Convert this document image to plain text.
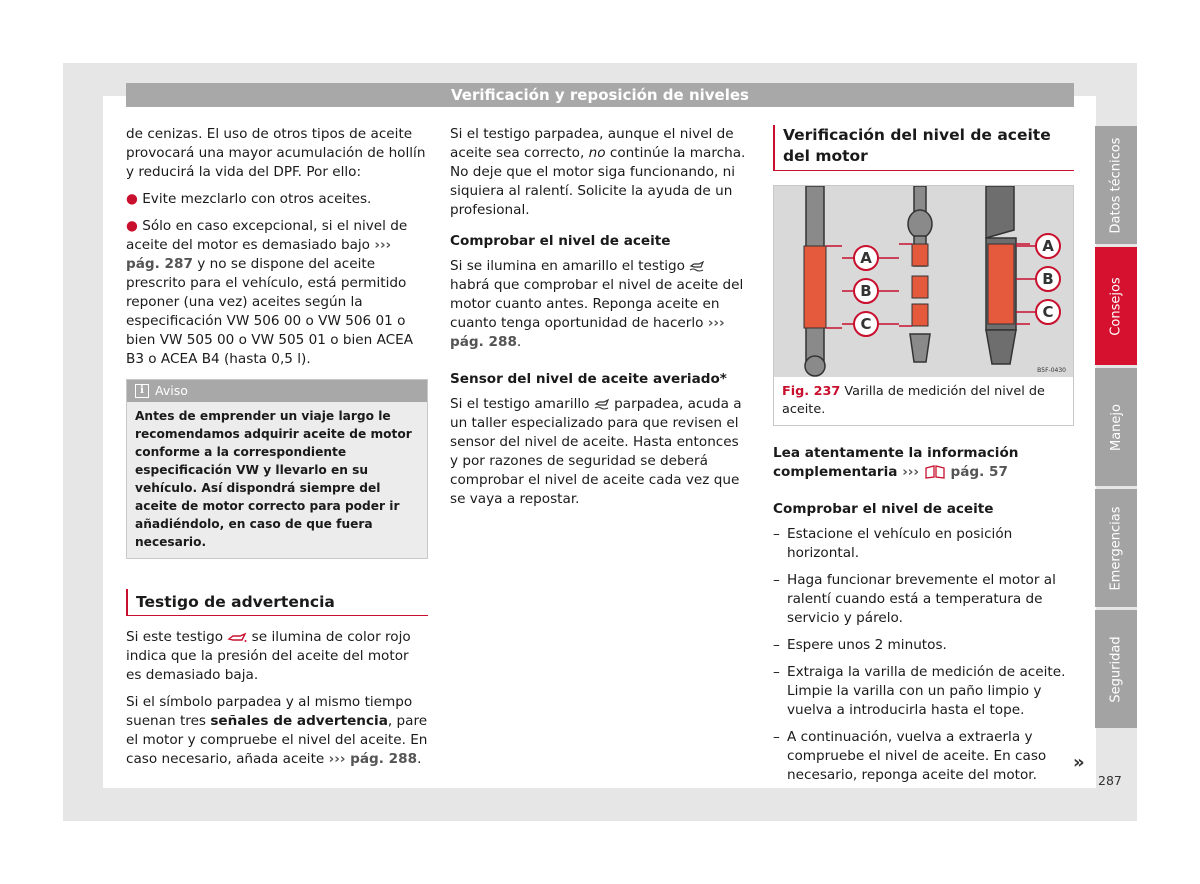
Verificación y reposición de niveles

de cenizas. El uso de otros tipos de aceite provocará una mayor acumulación de hollín y reducirá la vida del DPF. Por ello:

● Evite mezclarlo con otros aceites.

● Sólo en caso excepcional, si el nivel de aceite del motor es demasiado bajo ››› pág. 287 y no se dispone del aceite prescrito para el vehículo, está permitido reponer (una vez) aceites según la especificación VW 506 00 o VW 506 01 o bien VW 505 00 o VW 505 01 o bien ACEA B3 o ACEA B4 (hasta 0,5 l).

i Aviso
Antes de emprender un viaje largo le recomendamos adquirir aceite de motor conforme a la correspondiente especificación VW y llevarlo en su vehículo. Así dispondrá siempre del aceite de motor correcto para poder ir añadiéndolo, en caso de que fuera necesario.
Testigo de advertencia

Si este testigo se ilumina de color rojo indica que la presión del aceite del motor es demasiado baja.

Si el símbolo parpadea y al mismo tiempo suenan tres señales de advertencia, pare el motor y compruebe el nivel del aceite. En caso necesario, añada aceite ››› pág. 288.

Si el testigo parpadea, aunque el nivel de aceite sea correcto, no continúe la marcha. No deje que el motor siga funcionando, ni siquiera al ralentí. Solicite la ayuda de un profesional.

Comprobar el nivel de aceite

Si se ilumina en amarillo el testigo  habrá que comprobar el nivel de aceite del motor cuanto antes. Reponga aceite en cuanto tenga oportunidad de hacerlo ››› pág. 288.

Sensor del nivel de aceite averiado*

Si el testigo amarillo parpadea, acuda a un taller especializado para que revisen el sensor del nivel de aceite. Hasta entonces y por razones de seguridad se deberá comprobar el nivel de aceite cada vez que se vaya a repostar.

Verificación del nivel de aceite del motor
A
B
C
A
B
C
B5F-0430
Fig. 237 Varilla de medición del nivel de aceite.
Lea atentamente la información complementaria ››› pág. 57
Comprobar el nivel de aceite
– Estacione el vehículo en posición horizontal.
– Haga funcionar brevemente el motor al ralentí cuando está a temperatura de servicio y párelo.
– Espere unos 2 minutos.
– Extraiga la varilla de medición de aceite. Limpie la varilla con un paño limpio y vuelva a introducirla hasta el tope.
– A continuación, vuelva a extraerla y compruebe el nivel de aceite. En caso necesario, reponga aceite del motor.
Datos técnicos
Consejos
Manejo
Emergencias
Seguridad
»
287
